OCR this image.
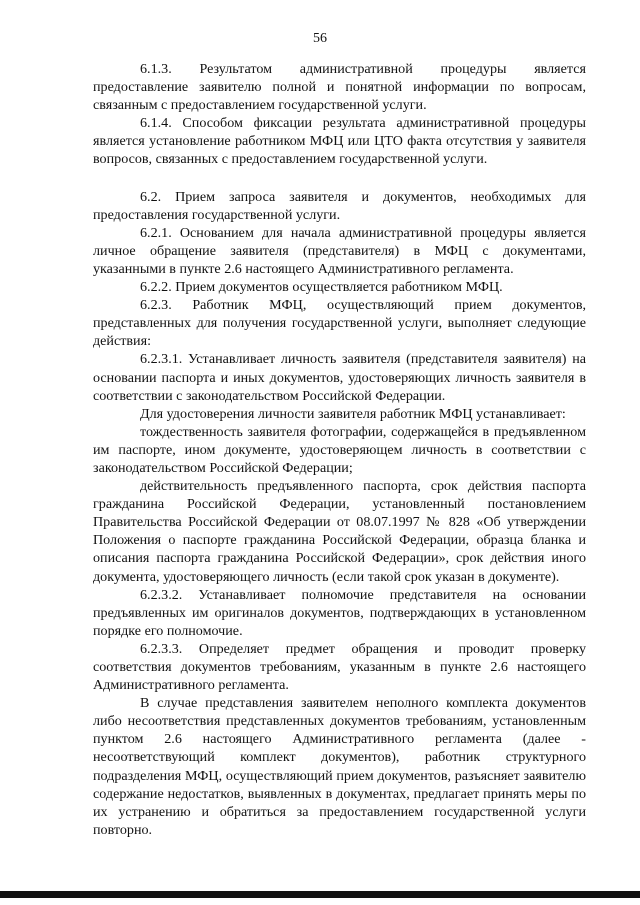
56

6.1.3. Результатом административной процедуры является предоставление заявителю полной и понятной информации по вопросам, связанным с предоставлением государственной услуги.

6.1.4. Способом фиксации результата административной процедуры является установление работником МФЦ или ЦТО факта отсутствия у заявителя вопросов, связанных с предоставлением государственной услуги.

6.2. Прием запроса заявителя и документов, необходимых для предоставления государственной услуги.

6.2.1. Основанием для начала административной процедуры является личное обращение заявителя (представителя) в МФЦ с документами, указанными в пункте 2.6 настоящего Административного регламента.

6.2.2. Прием документов осуществляется работником МФЦ.

6.2.3. Работник МФЦ, осуществляющий прием документов, представленных для получения государственной услуги, выполняет следующие действия:

6.2.3.1. Устанавливает личность заявителя (представителя заявителя) на основании паспорта и иных документов, удостоверяющих личность заявителя в соответствии с законодательством Российской Федерации.

Для удостоверения личности заявителя работник МФЦ устанавливает:

тождественность заявителя фотографии, содержащейся в предъявленном им паспорте, ином документе, удостоверяющем личность в соответствии с законодательством Российской Федерации;

действительность предъявленного паспорта, срок действия паспорта гражданина Российской Федерации, установленный постановлением Правительства Российской Федерации от 08.07.1997 № 828 «Об утверждении Положения о паспорте гражданина Российской Федерации, образца бланка и описания паспорта гражданина Российской Федерации», срок действия иного документа, удостоверяющего личность (если такой срок указан в документе).

6.2.3.2. Устанавливает полномочие представителя на основании предъявленных им оригиналов документов, подтверждающих в установленном порядке его полномочие.

6.2.3.3. Определяет предмет обращения и проводит проверку соответствия документов требованиям, указанным в пункте 2.6 настоящего Административного регламента.

В случае представления заявителем неполного комплекта документов либо несоответствия представленных документов требованиям, установленным пунктом 2.6 настоящего Административного регламента (далее - несоответствующий комплект документов), работник структурного подразделения МФЦ, осуществляющий прием документов, разъясняет заявителю содержание недостатков, выявленных в документах, предлагает принять меры по их устранению и обратиться за предоставлением государственной услуги повторно.
